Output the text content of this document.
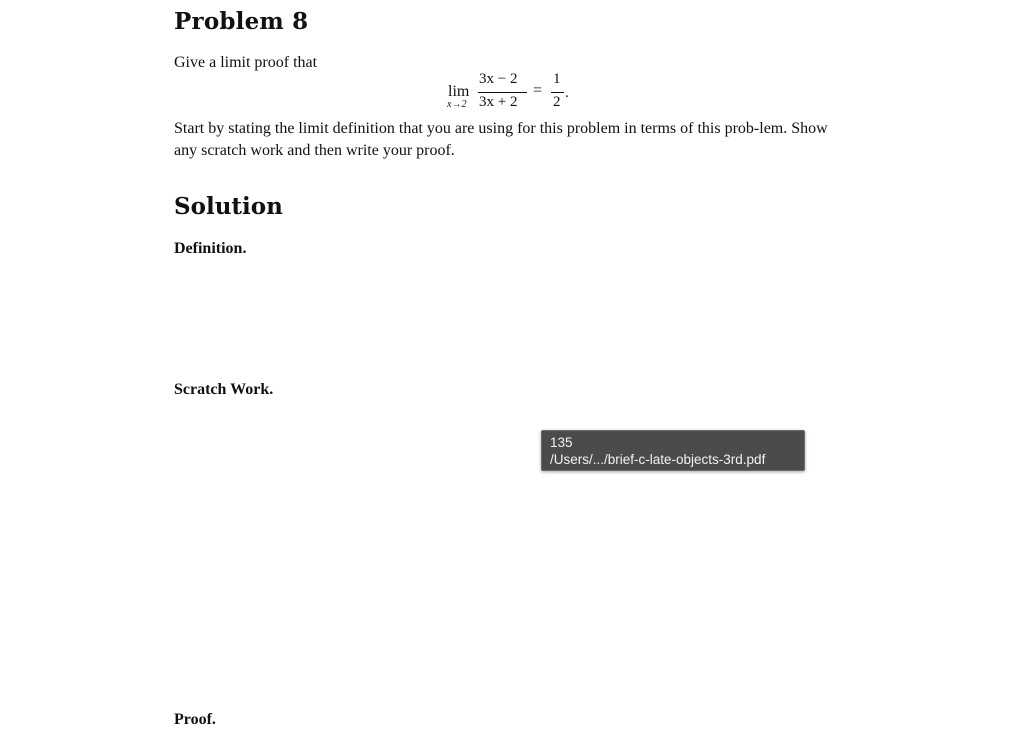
Problem 8
Give a limit proof that
lim
x→2
3x − 2
3x + 2
=
1
2
.
Start by stating the limit definition that you are using for this problem in terms of this prob-lem. Show any scratch work and then write your proof.
Solution
Definition.
Scratch Work.
Proof.
135
/Users/.../brief-c-late-objects-3rd.pdf
